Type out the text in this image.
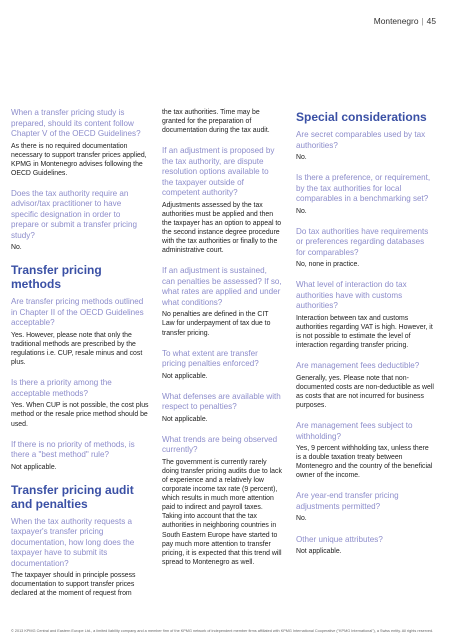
Montenegro | 45

When a transfer pricing study is prepared, should its content follow Chapter V of the OECD Guidelines?

As there is no required documentation necessary to support transfer prices applied, KPMG in Montenegro advises following the OECD Guidelines.

Does the tax authority require an advisor/tax practitioner to have specific designation in order to prepare or submit a transfer pricing study?

No.

Transfer pricing methods

Are transfer pricing methods outlined in Chapter II of the OECD Guidelines acceptable?

Yes. However, please note that only the traditional methods are prescribed by the regulations i.e. CUP, resale minus and cost plus.

Is there a priority among the acceptable methods?

Yes. When CUP is not possible, the cost plus method or the resale price method should be used.

If there is no priority of methods, is there a "best method" rule?

Not applicable.

Transfer pricing audit and penalties

When the tax authority requests a taxpayer's transfer pricing documentation, how long does the taxpayer have to submit its documentation?

The taxpayer should in principle possess documentation to support transfer prices declared at the moment of request from

the tax authorities. Time may be granted for the preparation of documentation during the tax audit.

If an adjustment is proposed by the tax authority, are dispute resolution options available to the taxpayer outside of competent authority?

Adjustments assessed by the tax authorities must be applied and then the taxpayer has an option to appeal to the second instance degree procedure with the tax authorities or finally to the administrative court.

If an adjustment is sustained, can penalties be assessed? If so, what rates are applied and under what conditions?

No penalties are defined in the CIT Law for underpayment of tax due to transfer pricing.

To what extent are transfer pricing penalties enforced?

Not applicable.

What defenses are available with respect to penalties?

Not applicable.

What trends are being observed currently?

The government is currently rarely doing transfer pricing audits due to lack of experience and a relatively low corporate income tax rate (9 percent), which results in much more attention paid to indirect and payroll taxes. Taking into account that the tax authorities in neighboring countries in South Eastern Europe have started to pay much more attention to transfer pricing, it is expected that this trend will spread to Montenegro as well.

Special considerations

Are secret comparables used by tax authorities?

No.

Is there a preference, or requirement, by the tax authorities for local comparables in a benchmarking set?

No.

Do tax authorities have requirements or preferences regarding databases for comparables?

No, none in practice.

What level of interaction do tax authorities have with customs authorities?

Interaction between tax and customs authorities regarding VAT is high. However, it is not possible to estimate the level of interaction regarding transfer pricing.

Are management fees deductible?

Generally, yes. Please note that non-documented costs are non-deductible as well as costs that are not incurred for business purposes.

Are management fees subject to withholding?

Yes, 9 percent withholding tax, unless there is a double taxation treaty between Montenegro and the country of the beneficial owner of the income.

Are year-end transfer pricing adjustments permitted?

No.

Other unique attributes?

Not applicable.

© 2013 KPMG Central and Eastern Europe Ltd., a limited liability company and a member firm of the KPMG network of independent member firms affiliated with KPMG International Cooperative ("KPMG International"), a Swiss entity. All rights reserved.
